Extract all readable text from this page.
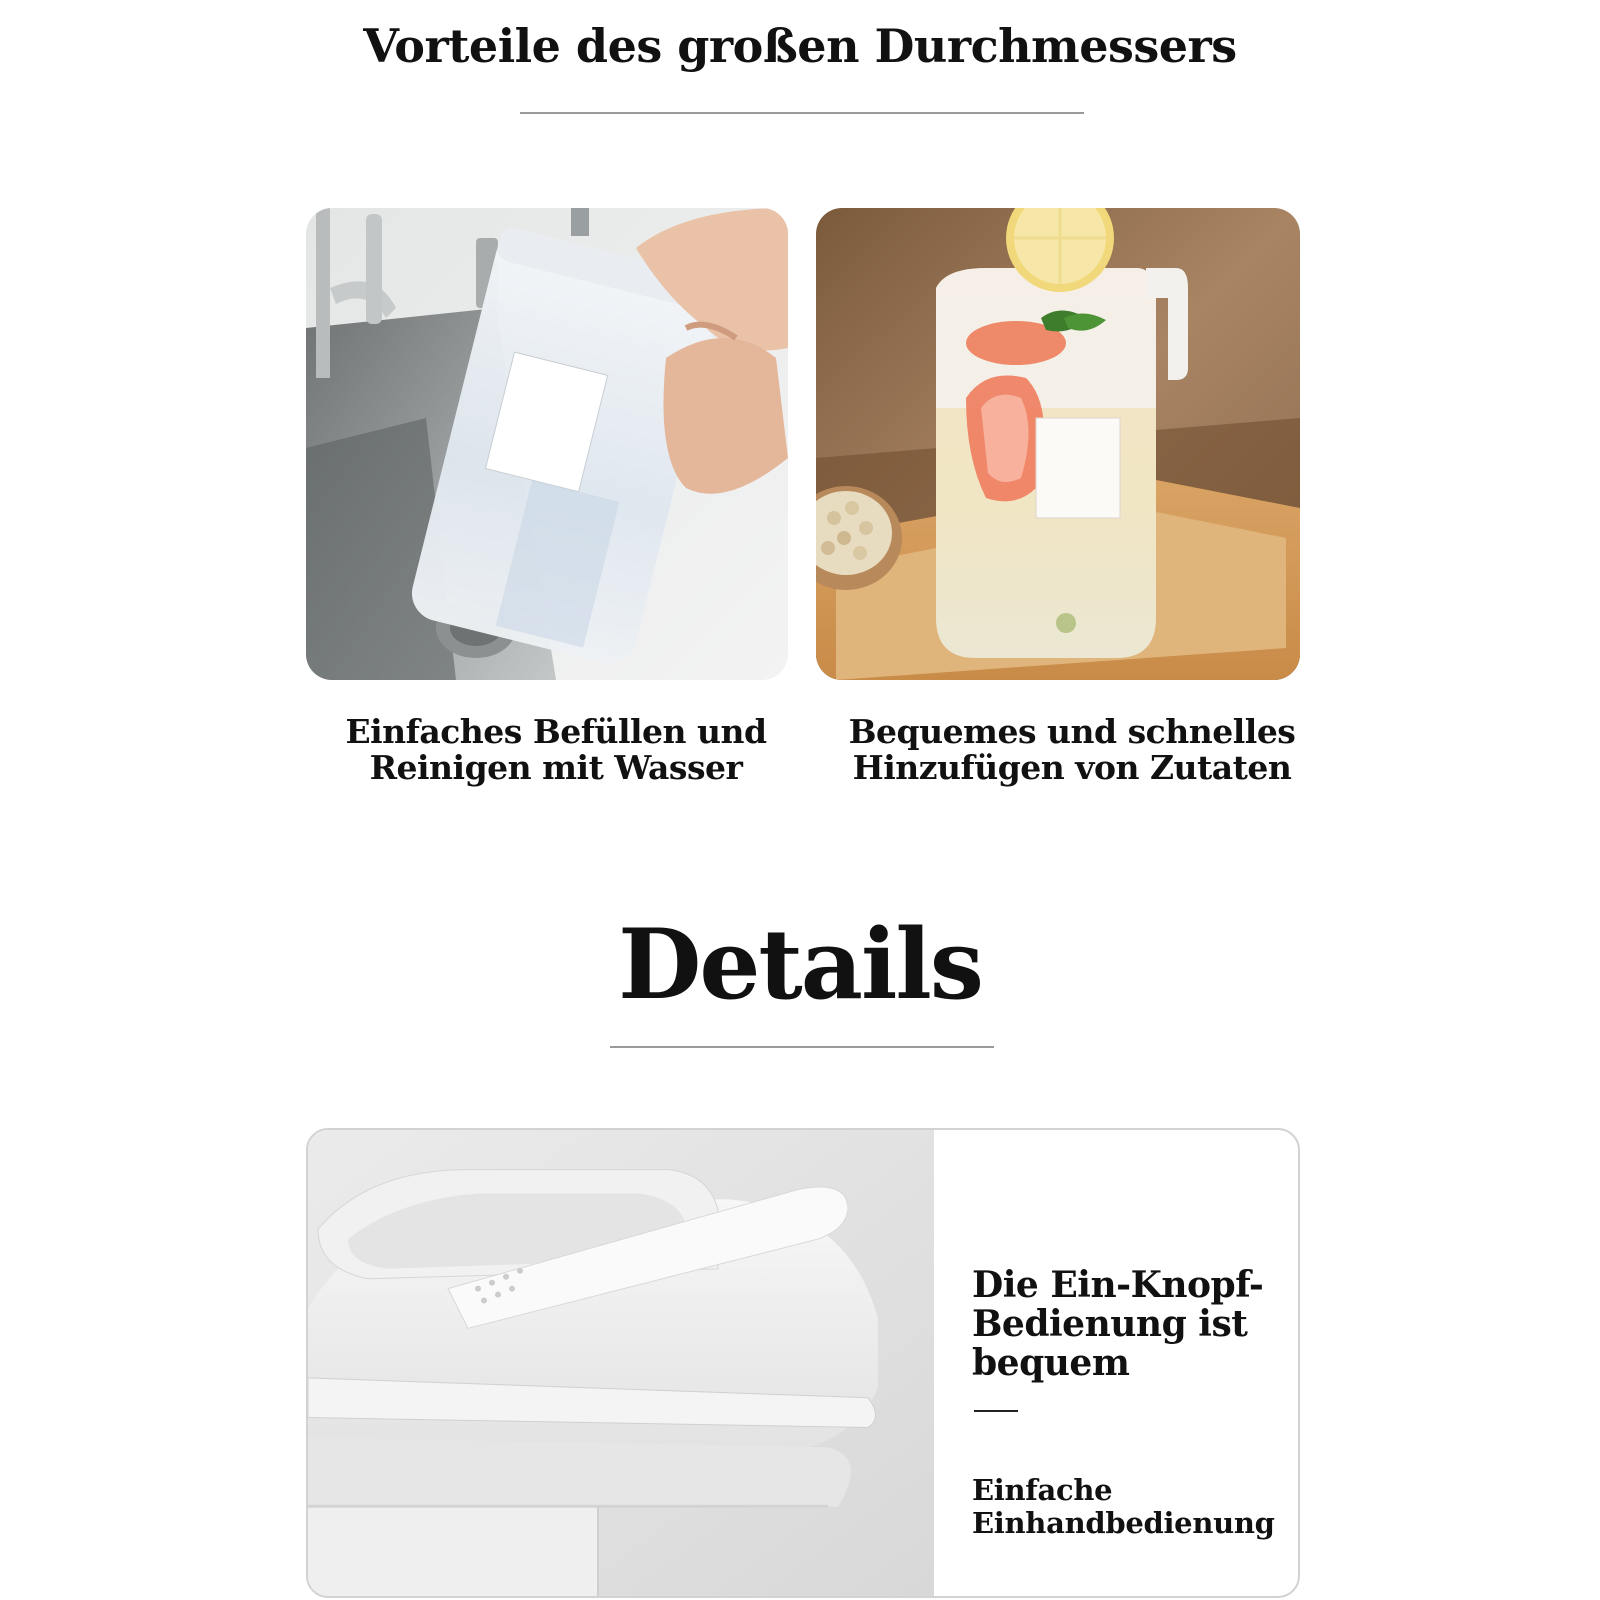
Vorteile des großen Durchmessers

Einfaches Befüllen und Reinigen mit Wasser

Bequemes und schnelles Hinzufügen von Zutaten

Details

Die Ein-Knopf-Bedienung ist bequem

Einfache Einhandbedienung
